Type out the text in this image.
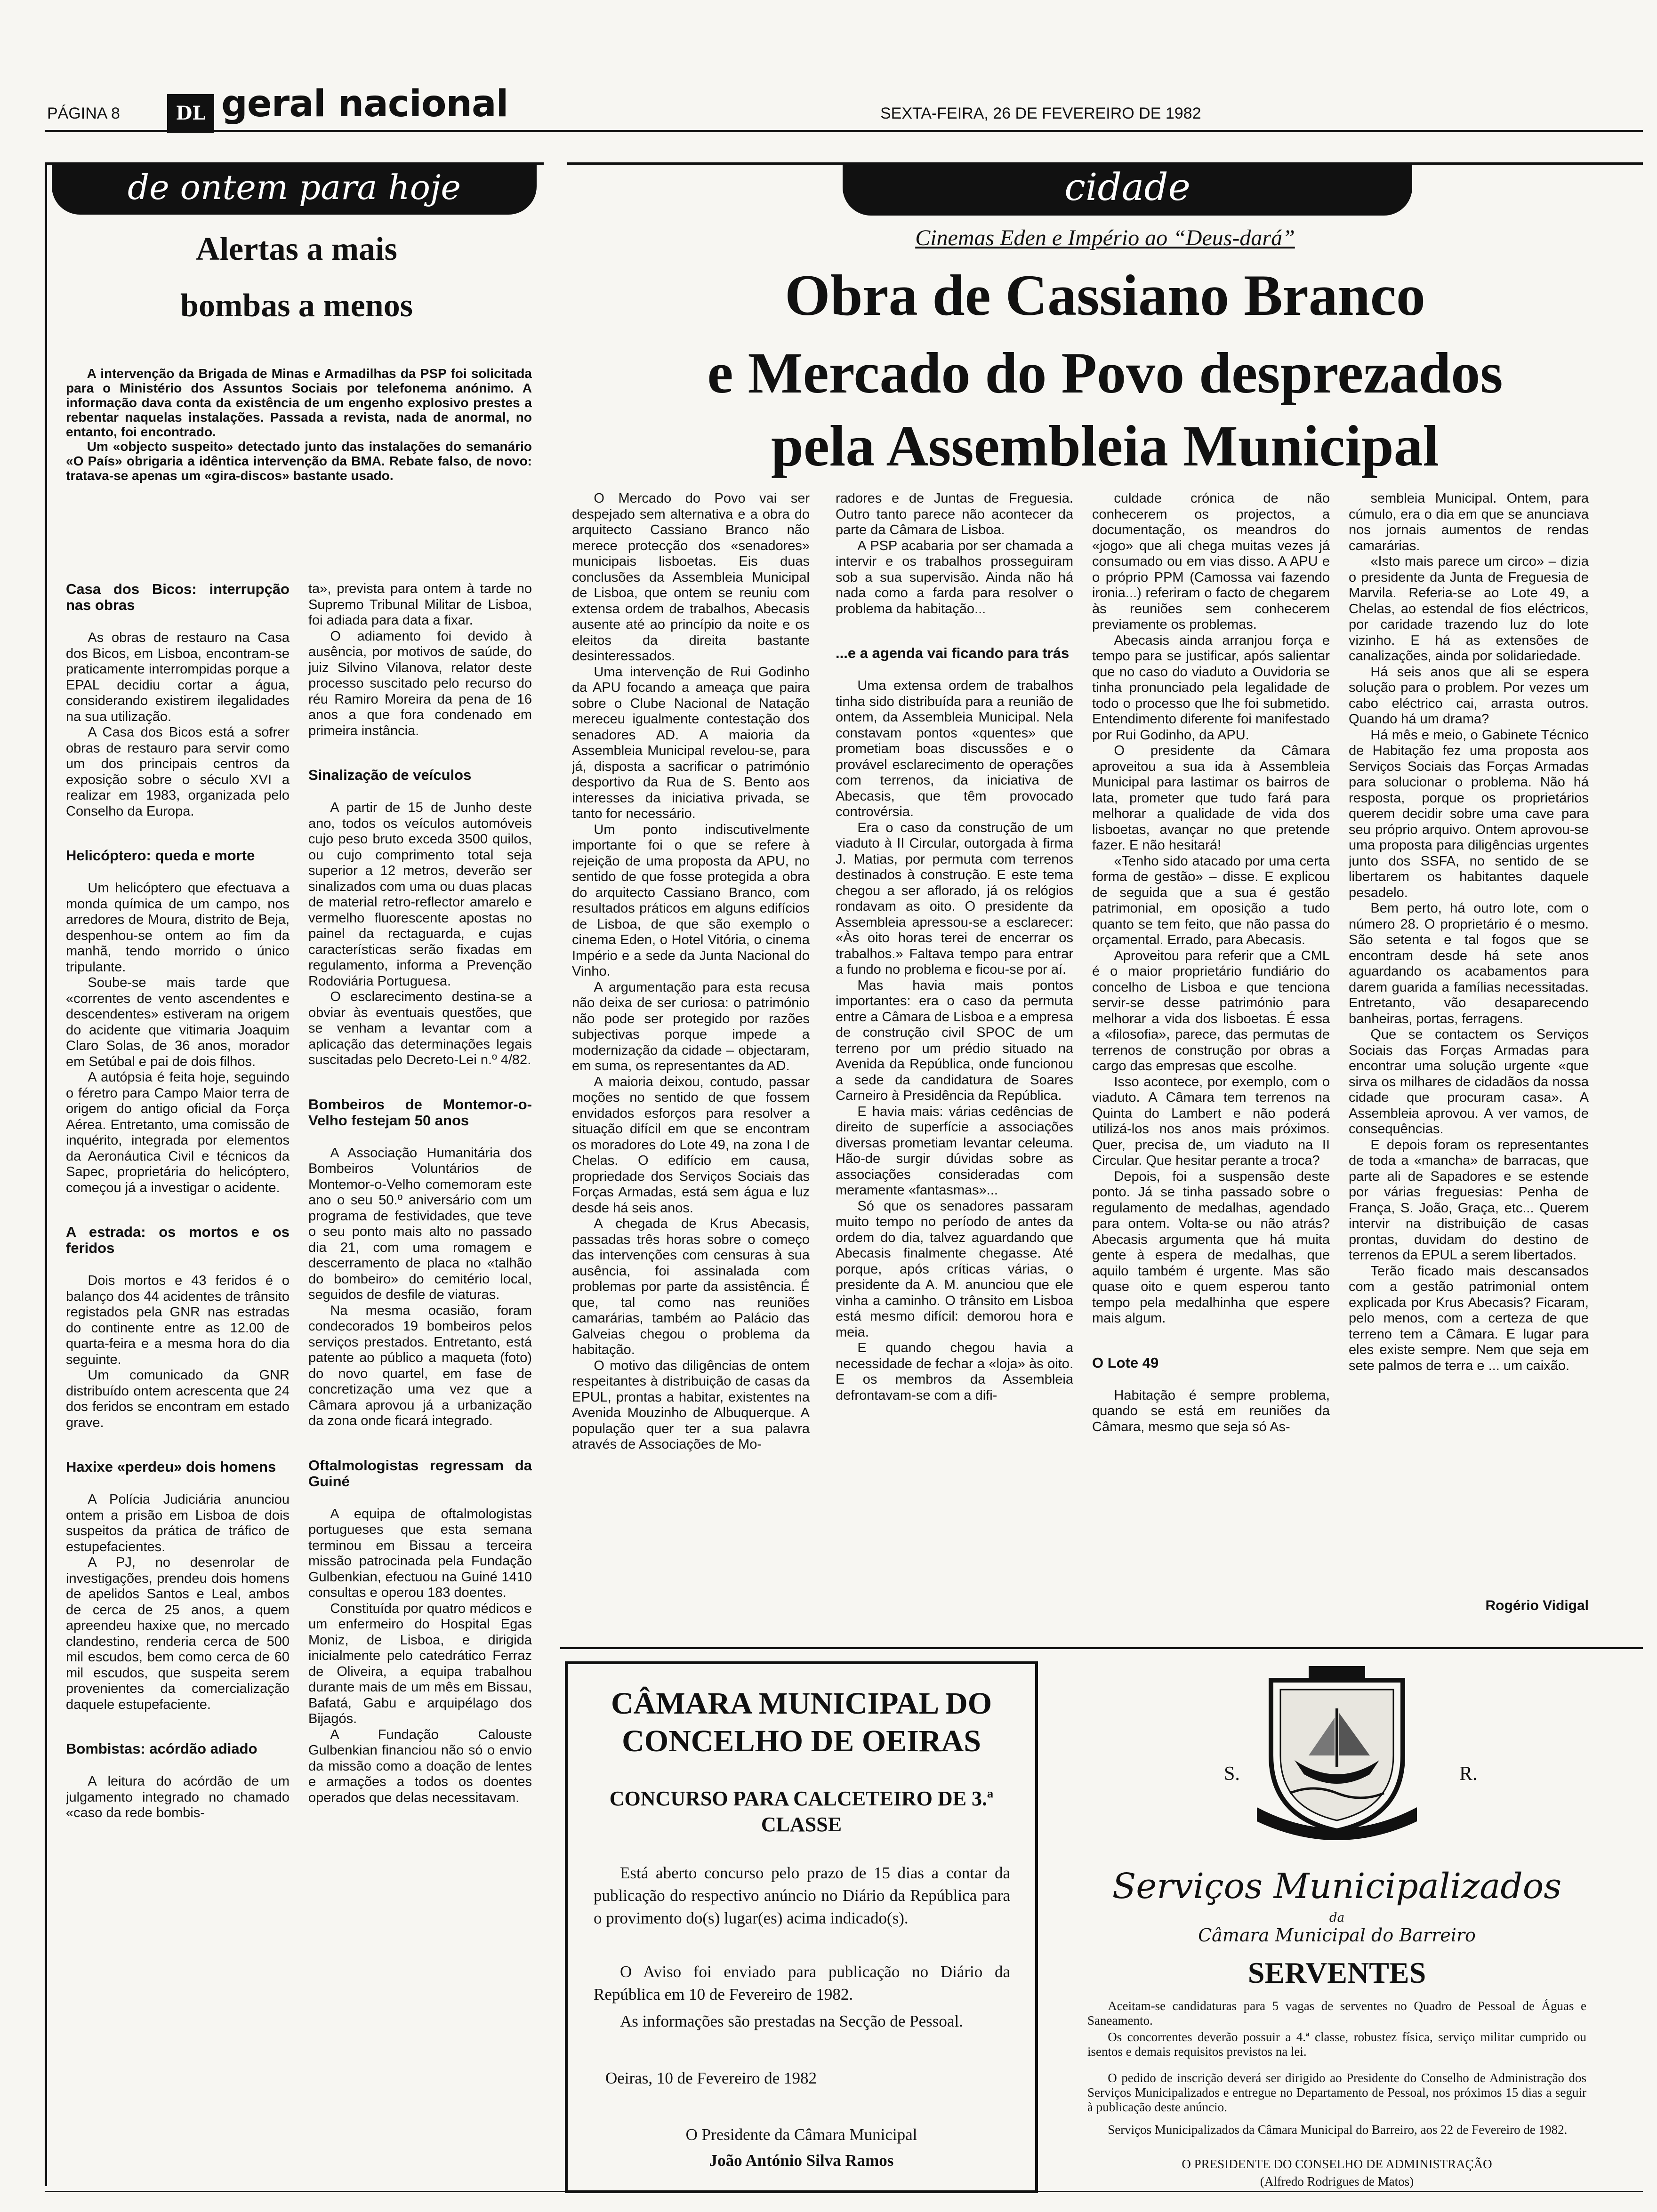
PÁGINA 8	DL geral nacional	SEXTA-FEIRA, 26 DE FEVEREIRO DE 1982
de ontem para hoje
Alertas a mais
bombas a menos

A intervenção da Brigada de Minas e Armadilhas da PSP foi solicitada para o Ministério dos Assuntos Sociais por telefonema anónimo. A informação dava conta da existência de um engenho explosivo prestes a rebentar naquelas instalações. Passada a revista, nada de anormal, no entanto, foi encontrado.

Um «objecto suspeito» detectado junto das instalações do semanário «O País» obrigaria a idêntica intervenção da BMA. Rebate falso, de novo: tratava-se apenas um «gira-discos» bastante usado.

Casa dos Bicos: interrupção nas obras

As obras de restauro na Casa dos Bicos, em Lisboa, encontram-se praticamente interrompidas porque a EPAL decidiu cortar a água, considerando existirem ilegalidades na sua utilização.

A Casa dos Bicos está a sofrer obras de restauro para servir como um dos principais centros da exposição sobre o século XVI a realizar em 1983, organizada pelo Conselho da Europa.

Helicóptero: queda e morte

Um helicóptero que efectuava a monda química de um campo, nos arredores de Moura, distrito de Beja, despenhou-se ontem ao fim da manhã, tendo morrido o único tripulante.

Soube-se mais tarde que «correntes de vento ascendentes e descendentes» estiveram na origem do acidente que vitimaria Joaquim Claro Solas, de 36 anos, morador em Setúbal e pai de dois filhos.

A autópsia é feita hoje, seguindo o féretro para Campo Maior terra de origem do antigo oficial da Força Aérea. Entretanto, uma comissão de inquérito, integrada por elementos da Aeronáutica Civil e técnicos da Sapec, proprietária do helicóptero, começou já a investigar o acidente.

A estrada: os mortos e os feridos

Dois mortos e 43 feridos é o balanço dos 44 acidentes de trânsito registados pela GNR nas estradas do continente entre as 12.00 de quarta-feira e a mesma hora do dia seguinte.

Um comunicado da GNR distribuído ontem acrescenta que 24 dos feridos se encontram em estado grave.

Haxixe «perdeu» dois homens

A Polícia Judiciária anunciou ontem a prisão em Lisboa de dois suspeitos da prática de tráfico de estupefacientes.

A PJ, no desenrolar de investigações, prendeu dois homens de apelidos Santos e Leal, ambos de cerca de 25 anos, a quem apreendeu haxixe que, no mercado clandestino, renderia cerca de 500 mil escudos, bem como cerca de 60 mil escudos, que suspeita serem provenientes da comercialização daquele estupefaciente.

Bombistas: acórdão adiado

A leitura do acórdão de um julgamento integrado no chamado «caso da rede bombis-

ta», prevista para ontem à tarde no Supremo Tribunal Militar de Lisboa, foi adiada para data a fixar.

O adiamento foi devido à ausência, por motivos de saúde, do juiz Silvino Vilanova, relator deste processo suscitado pelo recurso do réu Ramiro Moreira da pena de 16 anos a que fora condenado em primeira instância.

Sinalização de veículos

A partir de 15 de Junho deste ano, todos os veículos automóveis cujo peso bruto exceda 3500 quilos, ou cujo comprimento total seja superior a 12 metros, deverão ser sinalizados com uma ou duas placas de material retro-reflector amarelo e vermelho fluorescente apostas no painel da rectaguarda, e cujas características serão fixadas em regulamento, informa a Prevenção Rodoviária Portuguesa.

O esclarecimento destina-se a obviar às eventuais questões, que se venham a levantar com a aplicação das determinações legais suscitadas pelo Decreto-Lei n.º 4/82.

Bombeiros de Montemor-o-Velho festejam 50 anos

A Associação Humanitária dos Bombeiros Voluntários de Montemor-o-Velho comemoram este ano o seu 50.º aniversário com um programa de festividades, que teve o seu ponto mais alto no passado dia 21, com uma romagem e descerramento de placa no «talhão do bombeiro» do cemitério local, seguidos de desfile de viaturas.

Na mesma ocasião, foram condecorados 19 bombeiros pelos serviços prestados. Entretanto, está patente ao público a maqueta (foto) do novo quartel, em fase de concretização uma vez que a Câmara aprovou já a urbanização da zona onde ficará integrado.

Oftalmologistas regressam da Guiné

A equipa de oftalmologistas portugueses que esta semana terminou em Bissau a terceira missão patrocinada pela Fundação Gulbenkian, efectuou na Guiné 1410 consultas e operou 183 doentes.

Constituída por quatro médicos e um enfermeiro do Hospital Egas Moniz, de Lisboa, e dirigida inicialmente pelo catedrático Ferraz de Oliveira, a equipa trabalhou durante mais de um mês em Bissau, Bafatá, Gabu e arquipélago dos Bijagós.

A Fundação Calouste Gulbenkian financiou não só o envio da missão como a doação de lentes e armações a todos os doentes operados que delas necessitavam.

cidade
Cinemas Eden e Império ao “Deus-dará”
Obra de Cassiano Branco
e Mercado do Povo desprezados
pela Assembleia Municipal

O Mercado do Povo vai ser despejado sem alternativa e a obra do arquitecto Cassiano Branco não merece protecção dos «senadores» municipais lisboetas. Eis duas conclusões da Assembleia Municipal de Lisboa, que ontem se reuniu com extensa ordem de trabalhos, Abecasis ausente até ao princípio da noite e os eleitos da direita bastante desinteressados.

Uma intervenção de Rui Godinho da APU focando a ameaça que paira sobre o Clube Nacional de Natação mereceu igualmente contestação dos senadores AD. A maioria da Assembleia Municipal revelou-se, para já, disposta a sacrificar o património desportivo da Rua de S. Bento aos interesses da iniciativa privada, se tanto for necessário.

Um ponto indiscutivelmente importante foi o que se refere à rejeição de uma proposta da APU, no sentido de que fosse protegida a obra do arquitecto Cassiano Branco, com resultados práticos em alguns edifícios de Lisboa, de que são exemplo o cinema Eden, o Hotel Vitória, o cinema Império e a sede da Junta Nacional do Vinho.

A argumentação para esta recusa não deixa de ser curiosa: o património não pode ser protegido por razões subjectivas porque impede a modernização da cidade – objectaram, em suma, os representantes da AD.

A maioria deixou, contudo, passar moções no sentido de que fossem envidados esforços para resolver a situação difícil em que se encontram os moradores do Lote 49, na zona I de Chelas. O edifício em causa, propriedade dos Serviços Sociais das Forças Armadas, está sem água e luz desde há seis anos.

A chegada de Krus Abecasis, passadas três horas sobre o começo das intervenções com censuras à sua ausência, foi assinalada com problemas por parte da assistência. É que, tal como nas reuniões camarárias, também ao Palácio das Galveias chegou o problema da habitação.

O motivo das diligências de ontem respeitantes à distribuição de casas da EPUL, prontas a habitar, existentes na Avenida Mouzinho de Albuquerque. A população quer ter a sua palavra através de Associações de Mo-

radores e de Juntas de Freguesia. Outro tanto parece não acontecer da parte da Câmara de Lisboa.

A PSP acabaria por ser chamada a intervir e os trabalhos prosseguiram sob a sua supervisão. Ainda não há nada como a farda para resolver o problema da habitação...

...e a agenda vai ficando para trás

Uma extensa ordem de trabalhos tinha sido distribuída para a reunião de ontem, da Assembleia Municipal. Nela constavam pontos «quentes» que prometiam boas discussões e o provável esclarecimento de operações com terrenos, da iniciativa de Abecasis, que têm provocado controvérsia.

Era o caso da construção de um viaduto à II Circular, outorgada à firma J. Matias, por permuta com terrenos destinados à construção. E este tema chegou a ser aflorado, já os relógios rondavam as oito. O presidente da Assembleia apressou-se a esclarecer: «Às oito horas terei de encerrar os trabalhos.» Faltava tempo para entrar a fundo no problema e ficou-se por aí.

Mas havia mais pontos importantes: era o caso da permuta entre a Câmara de Lisboa e a empresa de construção civil SPOC de um terreno por um prédio situado na Avenida da República, onde funcionou a sede da candidatura de Soares Carneiro à Presidência da República.

E havia mais: várias cedências de direito de superfície a associações diversas prometiam levantar celeuma. Hão-de surgir dúvidas sobre as associações consideradas com meramente «fantasmas»...

Só que os senadores passaram muito tempo no período de antes da ordem do dia, talvez aguardando que Abecasis finalmente chegasse. Até porque, após críticas várias, o presidente da A. M. anunciou que ele vinha a caminho. O trânsito em Lisboa está mesmo difícil: demorou hora e meia.

E quando chegou havia a necessidade de fechar a «loja» às oito. E os membros da Assembleia defrontavam-se com a difi-

culdade crónica de não conhecerem os projectos, a documentação, os meandros do «jogo» que ali chega muitas vezes já consumado ou em vias disso. A APU e o próprio PPM (Camossa vai fazendo ironia...) referiram o facto de chegarem às reuniões sem conhecerem previamente os problemas.

Abecasis ainda arranjou força e tempo para se justificar, após salientar que no caso do viaduto a Ouvidoria se tinha pronunciado pela legalidade de todo o processo que lhe foi submetido. Entendimento diferente foi manifestado por Rui Godinho, da APU.

O presidente da Câmara aproveitou a sua ida à Assembleia Municipal para lastimar os bairros de lata, prometer que tudo fará para melhorar a qualidade de vida dos lisboetas, avançar no que pretende fazer. E não hesitará!

«Tenho sido atacado por uma certa forma de gestão» – disse. E explicou de seguida que a sua é gestão patrimonial, em oposição a tudo quanto se tem feito, que não passa do orçamental. Errado, para Abecasis.

Aproveitou para referir que a CML é o maior proprietário fundiário do concelho de Lisboa e que tenciona servir-se desse património para melhorar a vida dos lisboetas. É essa a «filosofia», parece, das permutas de terrenos de construção por obras a cargo das empresas que escolhe.

Isso acontece, por exemplo, com o viaduto. A Câmara tem terrenos na Quinta do Lambert e não poderá utilizá-los nos anos mais próximos. Quer, precisa de, um viaduto na II Circular. Que hesitar perante a troca?

Depois, foi a suspensão deste ponto. Já se tinha passado sobre o regulamento de medalhas, agendado para ontem. Volta-se ou não atrás? Abecasis argumenta que há muita gente à espera de medalhas, que aquilo também é urgente. Mas são quase oito e quem esperou tanto tempo pela medalhinha que espere mais algum.

O Lote 49

Habitação é sempre problema, quando se está em reuniões da Câmara, mesmo que seja só As-

sembleia Municipal. Ontem, para cúmulo, era o dia em que se anunciava nos jornais aumentos de rendas camarárias.

«Isto mais parece um circo» – dizia o presidente da Junta de Freguesia de Marvila. Referia-se ao Lote 49, a Chelas, ao estendal de fios eléctricos, por caridade trazendo luz do lote vizinho. E há as extensões de canalizações, ainda por solidariedade.

Há seis anos que ali se espera solução para o problem. Por vezes um cabo eléctrico cai, arrasta outros. Quando há um drama?

Há mês e meio, o Gabinete Técnico de Habitação fez uma proposta aos Serviços Sociais das Forças Armadas para solucionar o problema. Não há resposta, porque os proprietários querem decidir sobre uma cave para seu próprio arquivo. Ontem aprovou-se uma proposta para diligências urgentes junto dos SSFA, no sentido de se libertarem os habitantes daquele pesadelo.

Bem perto, há outro lote, com o número 28. O proprietário é o mesmo. São setenta e tal fogos que se encontram desde há sete anos aguardando os acabamentos para darem guarida a famílias necessitadas. Entretanto, vão desaparecendo banheiras, portas, ferragens.

Que se contactem os Serviços Sociais das Forças Armadas para encontrar uma solução urgente «que sirva os milhares de cidadãos da nossa cidade que procuram casa». A Assembleia aprovou. A ver vamos, de consequências.

E depois foram os representantes de toda a «mancha» de barracas, que parte ali de Sapadores e se estende por várias freguesias: Penha de França, S. João, Graça, etc... Querem intervir na distribuição de casas prontas, duvidam do destino de terrenos da EPUL a serem libertados.

Terão ficado mais descansados com a gestão patrimonial ontem explicada por Krus Abecasis? Ficaram, pelo menos, com a certeza de que terreno tem a Câmara. E lugar para eles existe sempre. Nem que seja em sete palmos de terra e ... um caixão.

Rogério Vidigal
CÂMARA MUNICIPAL DO
CONCELHO DE OEIRAS
CONCURSO PARA CALCETEIRO DE 3.ª
CLASSE
Está aberto concurso pelo prazo de 15 dias a contar da publicação do respectivo anúncio no Diário da República para o provimento do(s) lugar(es) acima indicado(s).
O Aviso foi enviado para publicação no Diário da República em 10 de Fevereiro de 1982.
As informações são prestadas na Secção de Pessoal.
Oeiras, 10 de Fevereiro de 1982
O Presidente da Câmara Municipal
João António Silva Ramos
S.	R.
Serviços Municipalizados
da
Câmara Municipal do Barreiro
SERVENTES
Aceitam-se candidaturas para 5 vagas de serventes no Quadro de Pessoal de Águas e Saneamento.
Os concorrentes deverão possuir a 4.ª classe, robustez física, serviço militar cumprido ou isentos e demais requisitos previstos na lei.
O pedido de inscrição deverá ser dirigido ao Presidente do Conselho de Administração dos Serviços Municipalizados e entregue no Departamento de Pessoal, nos próximos 15 dias a seguir à publicação deste anúncio.
Serviços Municipalizados da Câmara Municipal do Barreiro, aos 22 de Fevereiro de 1982.
O PRESIDENTE DO CONSELHO DE ADMINISTRAÇÃO
(Alfredo Rodrigues de Matos)
